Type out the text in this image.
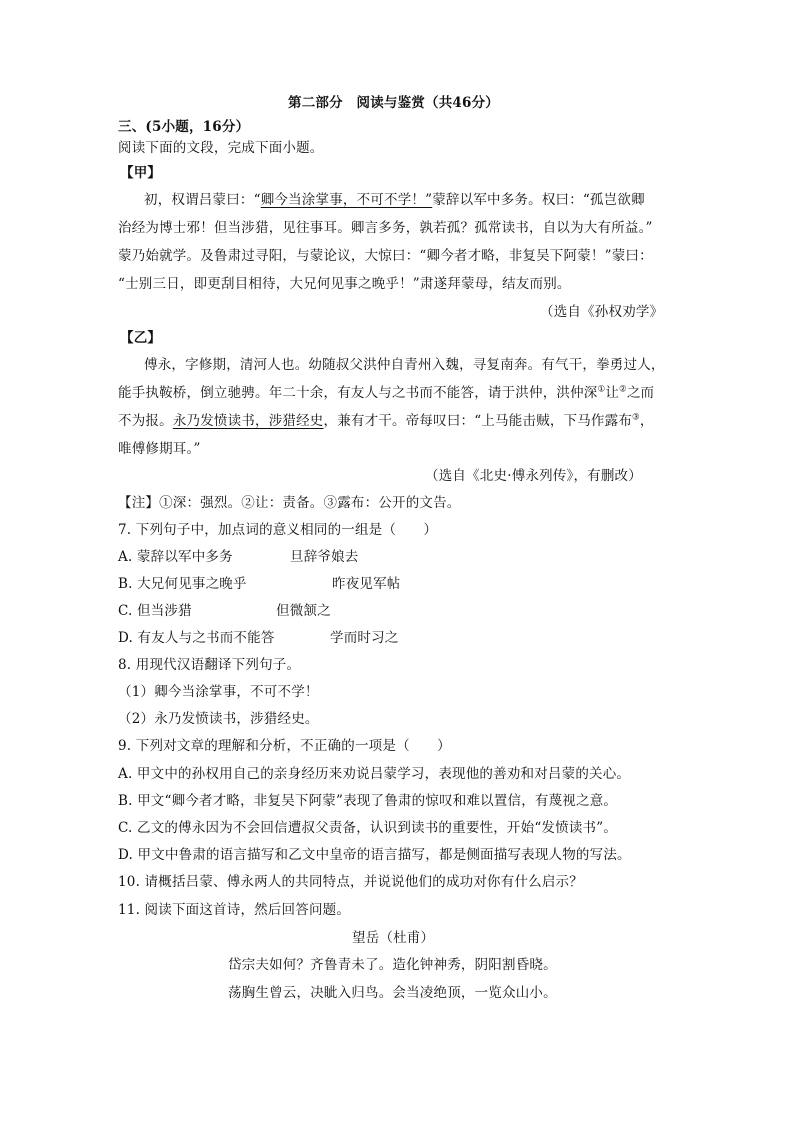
第二部分　阅读与鉴赏（共46分）
三、(5小题，16分）
阅读下面的文段，完成下面小题。
【甲】
初，权谓吕蒙曰：“卿今当涂掌事，不可不学！”蒙辞以军中多务。权曰：“孤岂欲卿
治经为博士邪！但当涉猎，见往事耳。卿言多务，孰若孤？孤常读书，自以为大有所益。”
蒙乃始就学。及鲁肃过寻阳，与蒙论议，大惊曰：“卿今者才略，非复吴下阿蒙！”蒙曰：
“士别三日，即更刮目相待，大兄何见事之晚乎！”肃遂拜蒙母，结友而别。
（选自《孙权劝学》
【乙】
傅永，字修期，清河人也。幼随叔父洪仲自青州入魏，寻复南奔。有气干，拳勇过人，
能手执鞍桥，倒立驰骋。年二十余，有友人与之书而不能答，请于洪仲，洪仲深①让②之而
不为报。永乃发愤读书，涉猎经史，兼有才干。帝每叹曰：“上马能击贼，下马作露布③，
唯傅修期耳。”
（选自《北史·傅永列传》，有删改）
【注】①深：强烈。②让：责备。③露布：公开的文告。
7. 下列句子中，加点词的意义相同的一组是（　　）
A. 蒙辞以军中多务	旦辞爷娘去
B. 大兄何见事之晚乎	昨夜见军帖
C. 但当涉猎	但微颔之
D. 有友人与之书而不能答	学而时习之
8. 用现代汉语翻译下列句子。
（1）卿今当涂掌事，不可不学！
（2）永乃发愤读书，涉猎经史。
9. 下列对文章的理解和分析，不正确的一项是（　　）
A. 甲文中的孙权用自己的亲身经历来劝说吕蒙学习，表现他的善劝和对吕蒙的关心。
B. 甲文“卿今者才略，非复吴下阿蒙”表现了鲁肃的惊叹和难以置信，有蔑视之意。
C. 乙文的傅永因为不会回信遭叔父责备，认识到读书的重要性，开始“发愤读书”。
D. 甲文中鲁肃的语言描写和乙文中皇帝的语言描写，都是侧面描写表现人物的写法。
10. 请概括吕蒙、傅永两人的共同特点，并说说他们的成功对你有什么启示？
11. 阅读下面这首诗，然后回答问题。
望岳（杜甫）
岱宗夫如何？齐鲁青未了。造化钟神秀，阴阳割昏晓。
荡胸生曾云，决眦入归鸟。会当凌绝顶，一览众山小。
